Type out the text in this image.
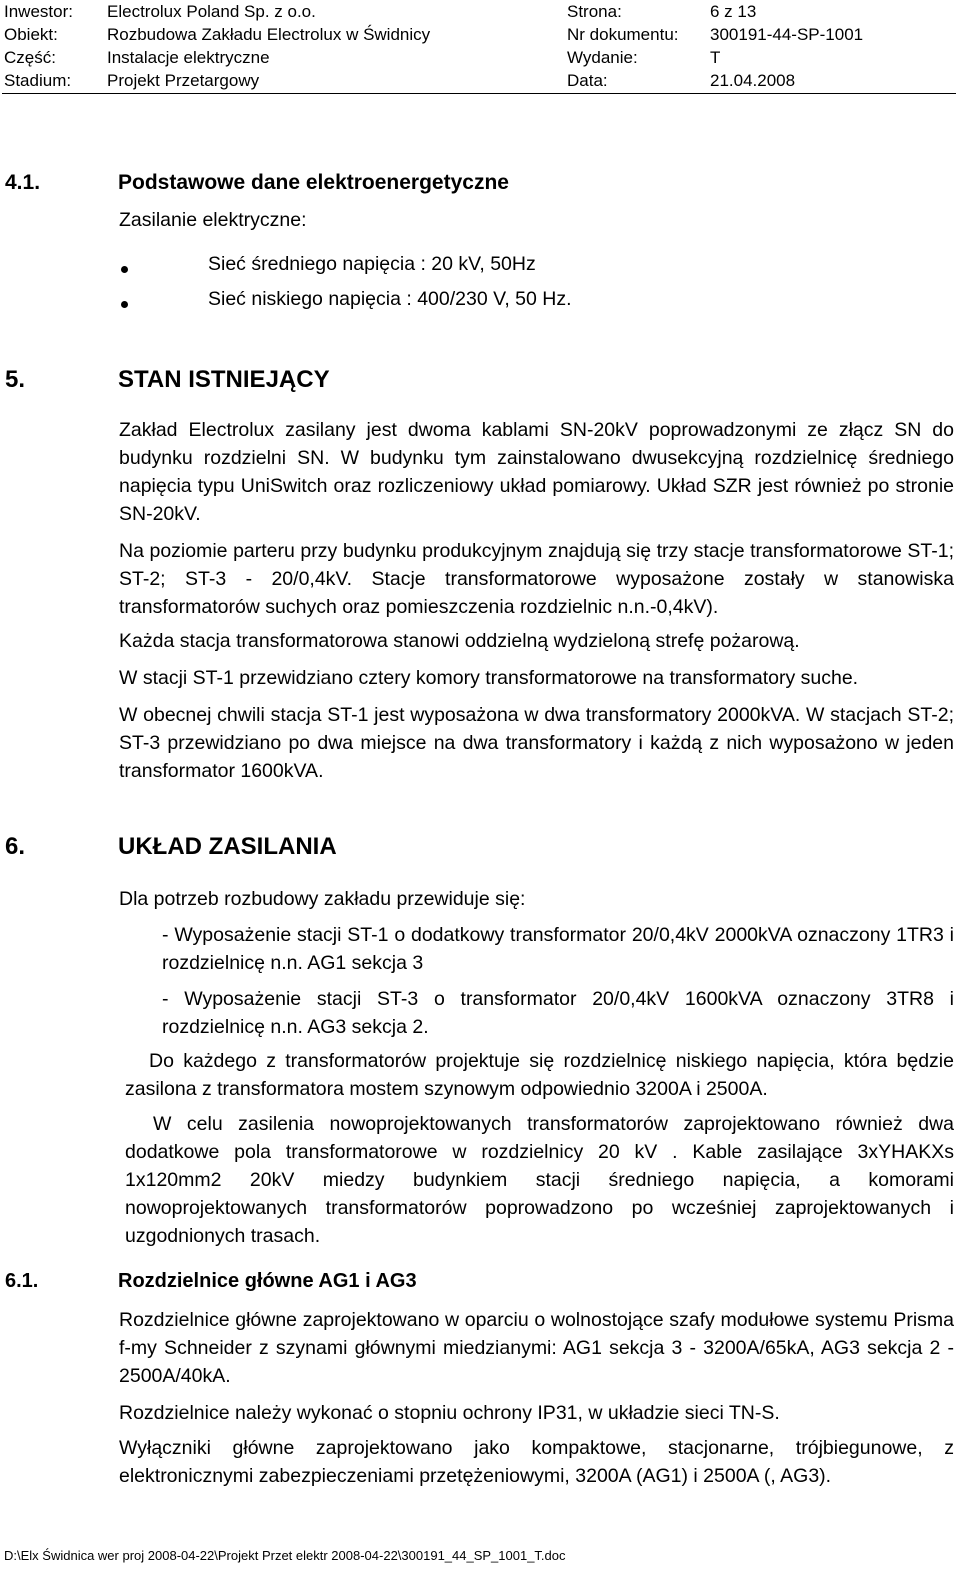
Inwestor: Electrolux Poland Sp. z o.o.	Strona:	6 z 13
Obiekt:	Rozbudowa Zakładu Electrolux w Świdnicy	Nr dokumentu: 300191-44-SP-1001
Część:	Instalacje elektryczne	Wydanie:	T
Stadium: Projekt Przetargowy	Data:	21.04.2008
4.1.	Podstawowe dane elektroenergetyczne
Zasilanie elektryczne:
Sieć średniego napięcia : 20 kV, 50Hz
Sieć niskiego napięcia : 400/230 V, 50 Hz.
5.	STAN ISTNIEJĄCY
Zakład Electrolux zasilany jest dwoma kablami SN-20kV poprowadzonymi ze złącz SN do budynku rozdzielni SN. W budynku tym zainstalowano dwusekcyjną rozdzielnicę średniego napięcia typu UniSwitch oraz rozliczeniowy układ pomiarowy. Układ SZR jest również po stronie SN-20kV.
Na poziomie parteru przy budynku produkcyjnym znajdują się trzy stacje transformatorowe ST-1; ST-2; ST-3 - 20/0,4kV. Stacje transformatorowe wyposażone zostały w stanowiska transformatorów suchych oraz pomieszczenia rozdzielnic n.n.-0,4kV).
Każda stacja transformatorowa stanowi oddzielną wydzieloną strefę pożarową.
W stacji ST-1 przewidziano cztery komory transformatorowe na transformatory suche.
W obecnej chwili stacja ST-1 jest wyposażona w dwa transformatory 2000kVA. W stacjach ST-2; ST-3 przewidziano po dwa miejsce na dwa transformatory i każdą z nich wyposażono w jeden transformator 1600kVA.
6.	UKŁAD ZASILANIA
Dla potrzeb rozbudowy zakładu przewiduje się:
- Wyposażenie stacji ST-1 o dodatkowy transformator 20/0,4kV 2000kVA oznaczony 1TR3 i rozdzielnicę n.n. AG1 sekcja 3
- Wyposażenie stacji ST-3 o transformator 20/0,4kV 1600kVA oznaczony 3TR8 i rozdzielnicę n.n. AG3 sekcja 2.
Do każdego z transformatorów projektuje się rozdzielnicę niskiego napięcia, która będzie zasilona z transformatora mostem szynowym odpowiednio 3200A i 2500A.
W celu zasilenia nowoprojektowanych transformatorów zaprojektowano również dwa dodatkowe pola transformatorowe w rozdzielnicy 20 kV . Kable zasilające 3xYHAKXs 1x120mm2 20kV miedzy budynkiem stacji średniego napięcia, a komorami nowoprojektowanych transformatorów poprowadzono po wcześniej zaprojektowanych i uzgodnionych trasach.
6.1.	Rozdzielnice główne AG1 i AG3
Rozdzielnice główne zaprojektowano w oparciu o wolnostojące szafy modułowe systemu Prisma f-my Schneider z szynami głównymi miedzianymi: AG1 sekcja 3 - 3200A/65kA, AG3 sekcja 2 - 2500A/40kA.
Rozdzielnice należy wykonać o stopniu ochrony IP31, w układzie sieci TN-S.
Wyłączniki główne zaprojektowano jako kompaktowe, stacjonarne, trójbiegunowe, z elektronicznymi zabezpieczeniami przetężeniowymi, 3200A (AG1) i 2500A (, AG3).
D:\Elx Świdnica wer proj 2008-04-22\Projekt Przet elektr 2008-04-22\300191_44_SP_1001_T.doc
